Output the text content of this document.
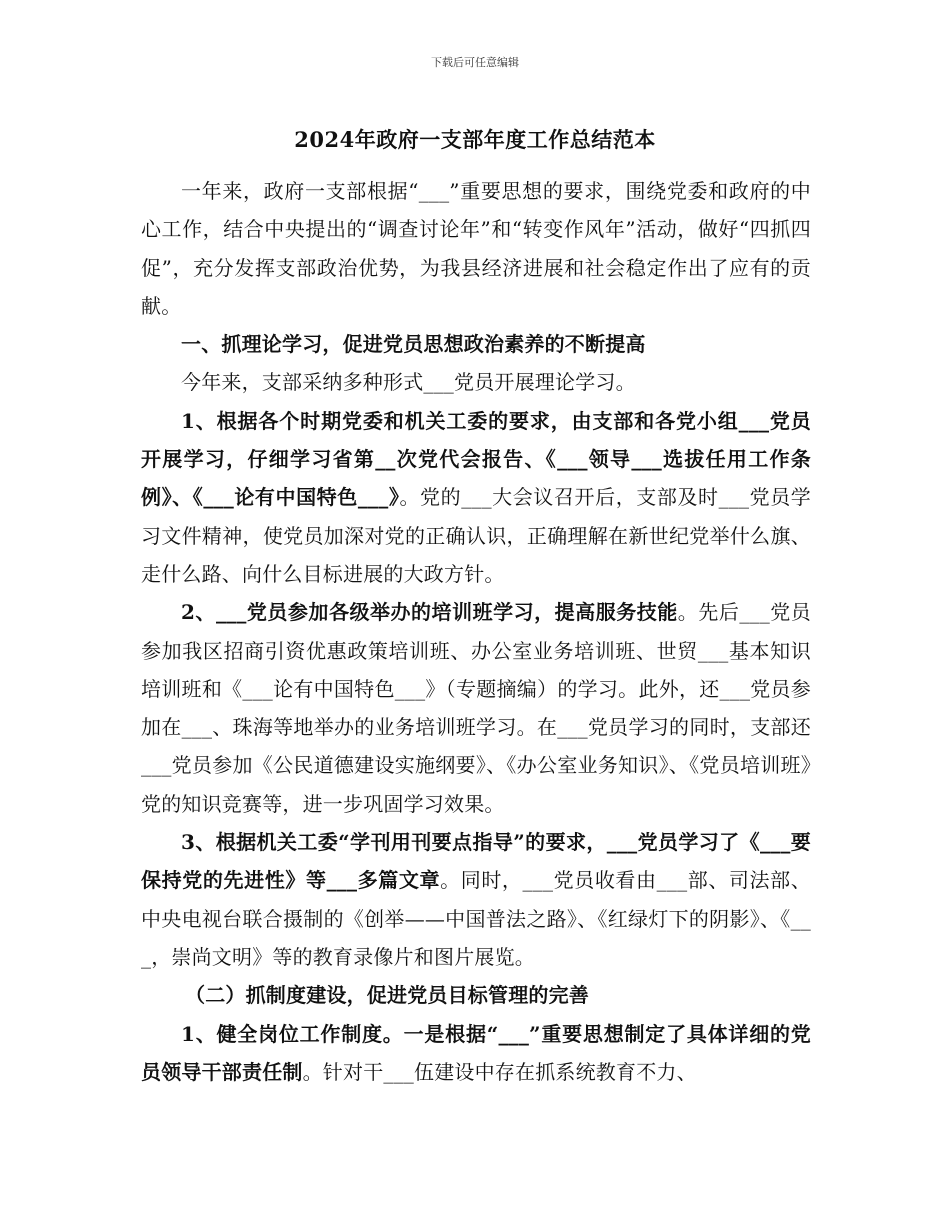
下载后可任意编辑
2024年政府一支部年度工作总结范本

一年来，政府一支部根据“___”重要思想的要求，围绕党委和政府的中心工作，结合中央提出的“调查讨论年”和“转变作风年”活动，做好“四抓四促”，充分发挥支部政治优势，为我县经济进展和社会稳定作出了应有的贡献。

一、抓理论学习，促进党员思想政治素养的不断提高

今年来，支部采纳多种形式___党员开展理论学习。

1、根据各个时期党委和机关工委的要求，由支部和各党小组___党员开展学习，仔细学习省第__次党代会报告、《___领导___选拔任用工作条例》、《___论有中国特色___》。党的___大会议召开后，支部及时___党员学习文件精神，使党员加深对党的正确认识，正确理解在新世纪党举什么旗、走什么路、向什么目标进展的大政方针。

2、___党员参加各级举办的培训班学习，提高服务技能。先后___党员参加我区招商引资优惠政策培训班、办公室业务培训班、世贸___基本知识培训班和《___论有中国特色___》（专题摘编）的学习。此外，还___党员参加在___、珠海等地举办的业务培训班学习。在___党员学习的同时，支部还___党员参加《公民道德建设实施纲要》、《办公室业务知识》、《党员培训班》党的知识竞赛等，进一步巩固学习效果。

3、根据机关工委“学刊用刊要点指导”的要求，___党员学习了《___要保持党的先进性》等___多篇文章。同时，___党员收看由___部、司法部、中央电视台联合摄制的《创举——中国普法之路》、《红绿灯下的阴影》、《___，崇尚文明》等的教育录像片和图片展览。

（二）抓制度建设，促进党员目标管理的完善

1、健全岗位工作制度。一是根据“___”重要思想制定了具体详细的党员领导干部责任制。针对干___伍建设中存在抓系统教育不力、
